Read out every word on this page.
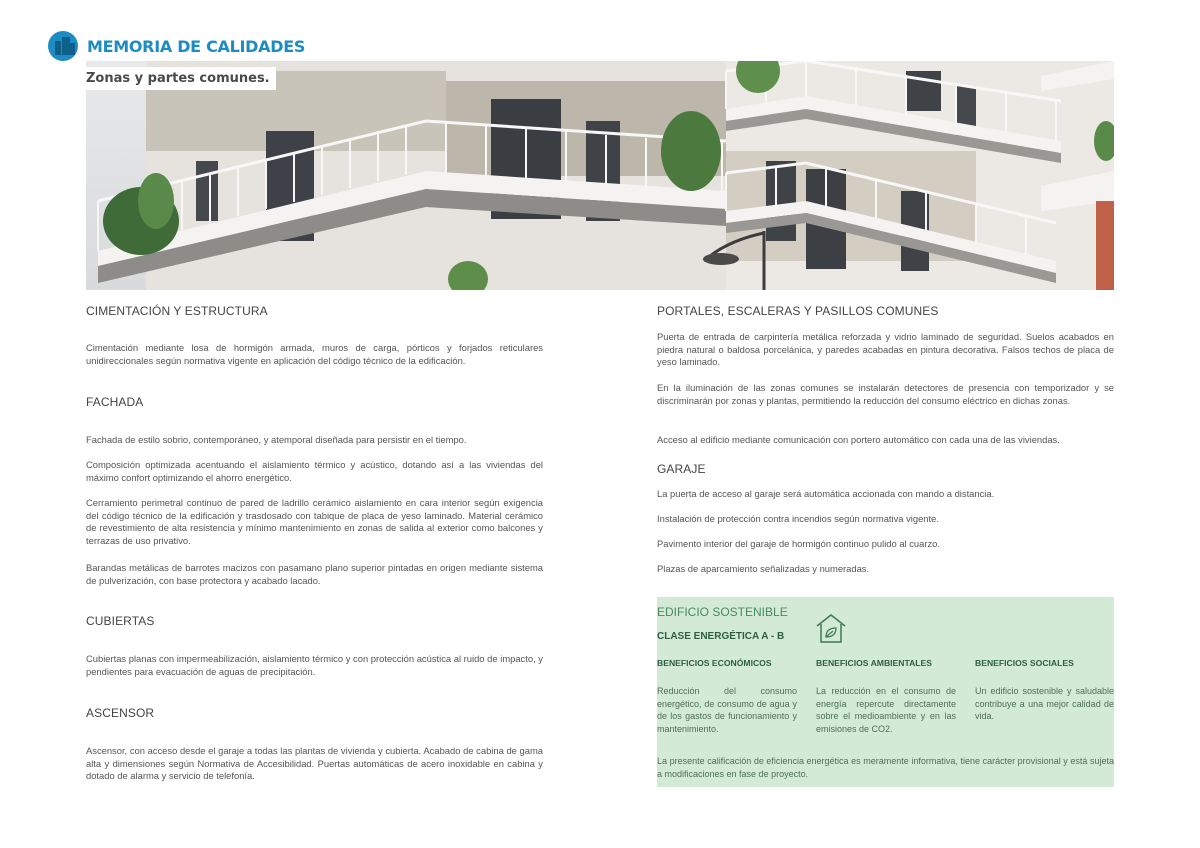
MEMORIA DE CALIDADES
Zonas y partes comunes.

CIMENTACIÓN Y ESTRUCTURA

Cimentación mediante losa de hormigón armada, muros de carga, pórticos y forjados reticulares unidireccionales según normativa vigente en aplicación del código técnico de la edificación.

FACHADA

Fachada de estilo sobrio, contemporáneo, y atemporal diseñada para persistir en el tiempo.

Composición optimizada acentuando el aislamiento térmico y acústico, dotando así a las viviendas del máximo confort optimizando el ahorro energético.

Cerramiento perimetral continuo de pared de ladrillo cerámico aislamiento en cara interior según exigencia del código técnico de la edificación y trasdosado con tabique de placa de yeso laminado. Material cerámico de revestimiento de alta resistencia y mínimo mantenimiento en zonas de salida al exterior como balcones y terrazas de uso privativo.

Barandas metálicas de barrotes macizos con pasamano plano superior pintadas en origen mediante sistema de pulverización, con base protectora y acabado lacado.

CUBIERTAS

Cubiertas planas con impermeabilización, aislamiento térmico y con protección acústica al ruido de impacto, y pendientes para evacuación de aguas de precipitación.

ASCENSOR

Ascensor, con acceso desde el garaje a todas las plantas de vivienda y cubierta. Acabado de cabina de gama alta y dimensiones según Normativa de Accesibilidad. Puertas automáticas de acero inoxidable en cabina y dotado de alarma y servicio de telefonía.

PORTALES, ESCALERAS Y PASILLOS COMUNES

Puerta de entrada de carpintería metálica reforzada y vidrio laminado de seguridad. Suelos acabados en piedra natural o baldosa porcelánica, y paredes acabadas en pintura decorativa. Falsos techos de placa de yeso laminado.

En la iluminación de las zonas comunes se instalarán detectores de presencia con temporizador y se discriminarán por zonas y plantas, permitiendo la reducción del consumo eléctrico en dichas zonas.

Acceso al edificio mediante comunicación con portero automático con cada una de las viviendas.

GARAJE

La puerta de acceso al garaje será automática accionada con mando a distancia.

Instalación de protección contra incendios según normativa vigente.

Pavimento interior del garaje de hormigón continuo pulido al cuarzo.

Plazas de aparcamiento señalizadas y numeradas.

EDIFICIO SOSTENIBLE
CLASE ENERGÉTICA A - B
BENEFICIOS ECONÓMICOS	BENEFICIOS AMBIENTALES	BENEFICIOS SOCIALES
Reducción del consumo energético, de consumo de agua y de los gastos de funcionamiento y mantenimiento.
La reducción en el consumo de energía repercute directamente sobre el medioambiente y en las emisiones de CO2.
Un edificio sostenible y saludable contribuye a una mejor calidad de vida.
La presente calificación de eficiencia energética es meramente informativa, tiene carácter provisional y está sujeta a modificaciones en fase de proyecto.
